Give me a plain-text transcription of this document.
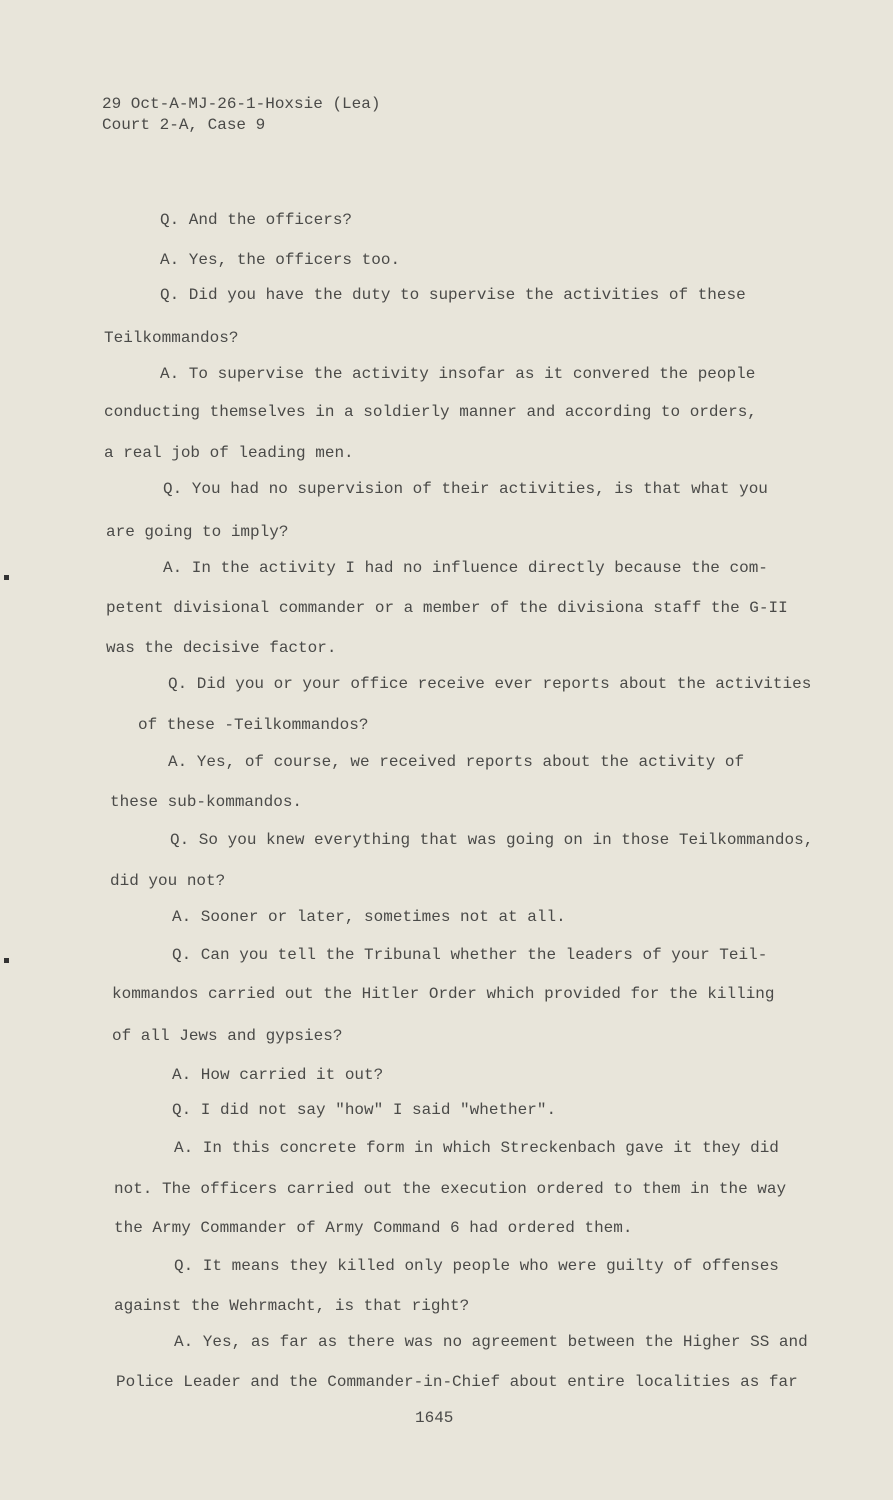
29 Oct-A-MJ-26-1-Hoxsie (Lea)
Court 2-A, Case 9
Q. And the officers?
A. Yes, the officers too.
Q. Did you have the duty to supervise the activities of these
Teilkommandos?
A. To supervise the activity insofar as it convered the people
conducting themselves in a soldierly manner and according to orders,
a real job of leading men.
Q. You had no supervision of their activities, is that what you
are going to imply?
A. In the activity I had no influence directly because the com-
petent divisional commander or a member of the divisiona staff the G-II
was the decisive factor.
Q. Did you or your office receive ever reports about the activities
of these -Teilkommandos?
A. Yes, of course, we received reports about the activity of
these sub-kommandos.
Q. So you knew everything that was going on in those Teilkommandos,
did you not?
A. Sooner or later, sometimes not at all.
Q. Can you tell the Tribunal whether the leaders of your Teil-
kommandos carried out the Hitler Order which provided for the killing
of all Jews and gypsies?
A. How carried it out?
Q. I did not say "how" I said "whether".
A. In this concrete form in which Streckenbach gave it they did
not. The officers carried out the execution ordered to them in the way
the Army Commander of Army Command 6 had ordered them.
Q. It means they killed only people who were guilty of offenses
against the Wehrmacht, is that right?
A. Yes, as far as there was no agreement between the Higher SS and
Police Leader and the Commander-in-Chief about entire localities as far
1645
